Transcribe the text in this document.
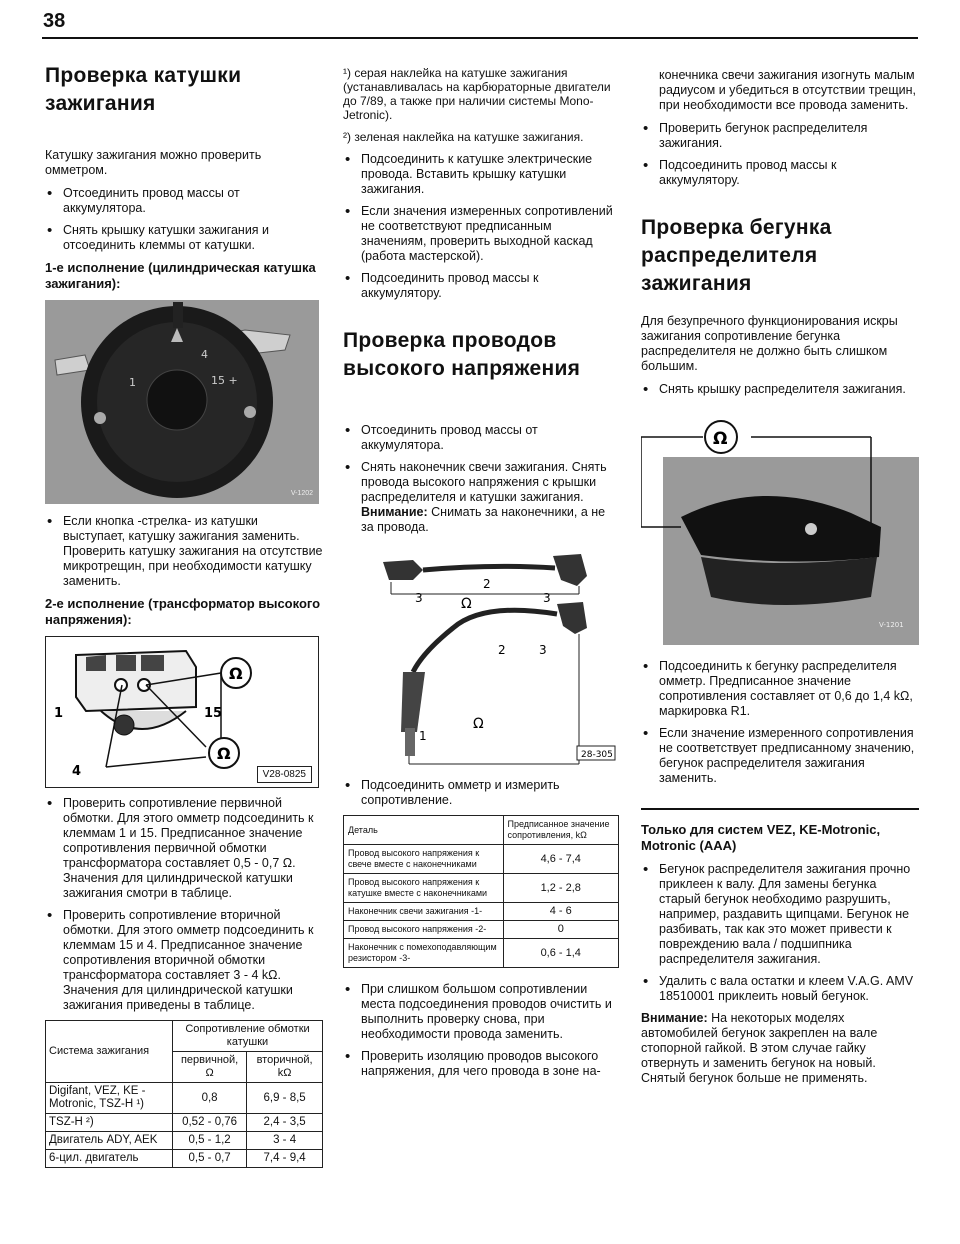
38
Проверка катушки зажигания

Катушку зажигания можно проверить омметром.

• Отсоединить провод массы от аккумулятора.
• Снять крышку катушки зажигания и отсоединить клеммы от катушки.
1-е исполнение (цилиндрическая катушка зажигания):
1	15 +
4
V-1202
• Если кнопка -стрелка- из катушки выступает, катушку зажигания заменить. Проверить катушку зажигания на отсутствие микротрещин, при необходимости катушку заменить.
2-е исполнение (трансформатор высокого напряжения):
Ω
Ω
1	15
4	V28-0825
• Проверить сопротивление первичной обмотки. Для этого омметр подсоединить к клеммам 1 и 15. Предписанное значение сопротивления первичной обмотки трансформатора составляет 0,5 - 0,7 Ω. Значения для цилиндрической катушки зажигания смотри в таблице.
• Проверить сопротивление вторичной обмотки. Для этого омметр подсоединить к клеммам 15 и 4. Предписанное значение сопротивления вторичной обмотки трансформатора составляет 3 - 4 kΩ. Значения для цилиндрической катушки зажигания приведены в таблице.
Система зажигания	Сопротивление обмотки катушки	
	первичной, Ω	вторичной, kΩ
Digifant, VEZ, KE - Motronic, TSZ-H ¹)	0,8	6,9 - 8,5
TSZ-H ²)	0,52 - 0,76	2,4 - 3,5
Двигатель ADY, AEK	0,5 - 1,2	3 - 4
6-цил. двигатель	0,5 - 0,7	7,4 - 9,4

¹) серая наклейка на катушке зажигания (устанавливалась на карбюраторные двигатели до 7/89, а также при наличии системы Mono-Jetronic).

²) зеленая наклейка на катушке зажигания.

• Подсоединить к катушке электрические провода. Вставить крышку катушки зажигания.
• Если значения измеренных сопротивлений не соответствуют предписанным значениям, проверить выходной каскад (работа мастерской).
• Подсоединить провод массы к аккумулятору.
Проверка проводов высокого напряжения
• Отсоединить провод массы от аккумулятора.
• Снять наконечник свечи зажигания. Снять провода высокого напряжения с крышки распределителя и катушки зажигания. Внимание: Снимать за наконечники, а не за провода.
3
2
3
Ω
2	3
Ω
1
28-305
• Подсоединить омметр и измерить сопротивление.
Деталь	Предписанное значение сопротивления, kΩ
Провод высокого напряжения к свече вместе с наконечниками	4,6 - 7,4
Провод высокого напряжения к катушке вместе с наконечниками	1,2 - 2,8
Наконечник свечи зажигания -1-	4 - 6
Провод высокого напряжения -2-	0
Наконечник с помехоподавляющим резистором -3-	0,6 - 1,4
• При слишком большом сопротивлении места подсоединения проводов очистить и выполнить проверку снова, при необходимости провода заменить.
• Проверить изоляцию проводов высокого напряжения, для чего провода в зоне на-

конечника свечи зажигания изогнуть малым радиусом и убедиться в отсутствии трещин, при необходимости все провода заменить.

• Проверить бегунок распределителя зажигания.
• Подсоединить провод массы к аккумулятору.
Проверка бегунка распределителя зажигания

Для безупречного функционирования искры зажигания сопротивление бегунка распределителя не должно быть слишком большим.

• Снять крышку распределителя зажигания.
Ω
V-1201
• Подсоединить к бегунку распределителя омметр. Предписанное значение сопротивления составляет от 0,6 до 1,4 kΩ, маркировка R1.
• Если значение измеренного сопротивления не соответствует предписанному значению, бегунок распределителя зажигания заменить.
Только для систем VEZ, KE-Motronic, Motronic (AAA)
• Бегунок распределителя зажигания прочно приклеен к валу. Для замены бегунка старый бегунок необходимо разрушить, например, раздавить щипцами. Бегунок не разбивать, так как это может привести к повреждению вала / подшипника распределителя зажигания.
• Удалить с вала остатки и клеем V.A.G. AMV 18510001 приклеить новый бегунок.

Внимание: На некоторых моделях автомобилей бегунок закреплен на вале стопорной гайкой. В этом случае гайку отвернуть и заменить бегунок на новый. Снятый бегунок больше не применять.
